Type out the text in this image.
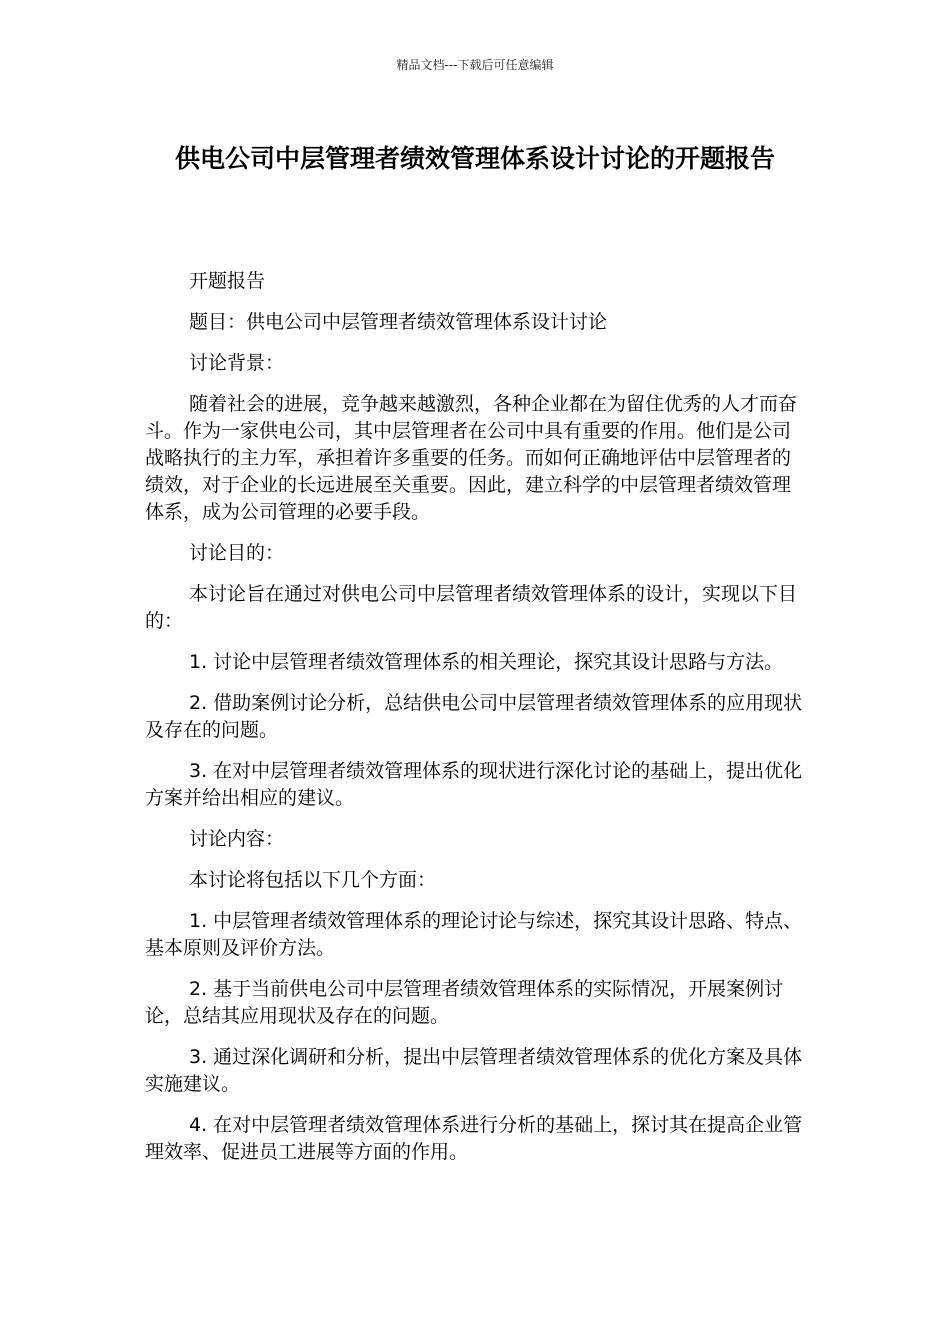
精品文档---下载后可任意编辑
供电公司中层管理者绩效管理体系设计讨论的开题报告

开题报告

题目：供电公司中层管理者绩效管理体系设计讨论

讨论背景：

随着社会的进展，竞争越来越激烈，各种企业都在为留住优秀的人才而奋斗。作为一家供电公司，其中层管理者在公司中具有重要的作用。他们是公司战略执行的主力军，承担着许多重要的任务。而如何正确地评估中层管理者的绩效，对于企业的长远进展至关重要。因此，建立科学的中层管理者绩效管理体系，成为公司管理的必要手段。

讨论目的：

本讨论旨在通过对供电公司中层管理者绩效管理体系的设计，实现以下目的：

1. 讨论中层管理者绩效管理体系的相关理论，探究其设计思路与方法。

2. 借助案例讨论分析，总结供电公司中层管理者绩效管理体系的应用现状及存在的问题。

3. 在对中层管理者绩效管理体系的现状进行深化讨论的基础上，提出优化方案并给出相应的建议。

讨论内容：

本讨论将包括以下几个方面：

1. 中层管理者绩效管理体系的理论讨论与综述，探究其设计思路、特点、基本原则及评价方法。

2. 基于当前供电公司中层管理者绩效管理体系的实际情况，开展案例讨论，总结其应用现状及存在的问题。

3. 通过深化调研和分析，提出中层管理者绩效管理体系的优化方案及具体实施建议。

4. 在对中层管理者绩效管理体系进行分析的基础上，探讨其在提高企业管理效率、促进员工进展等方面的作用。
